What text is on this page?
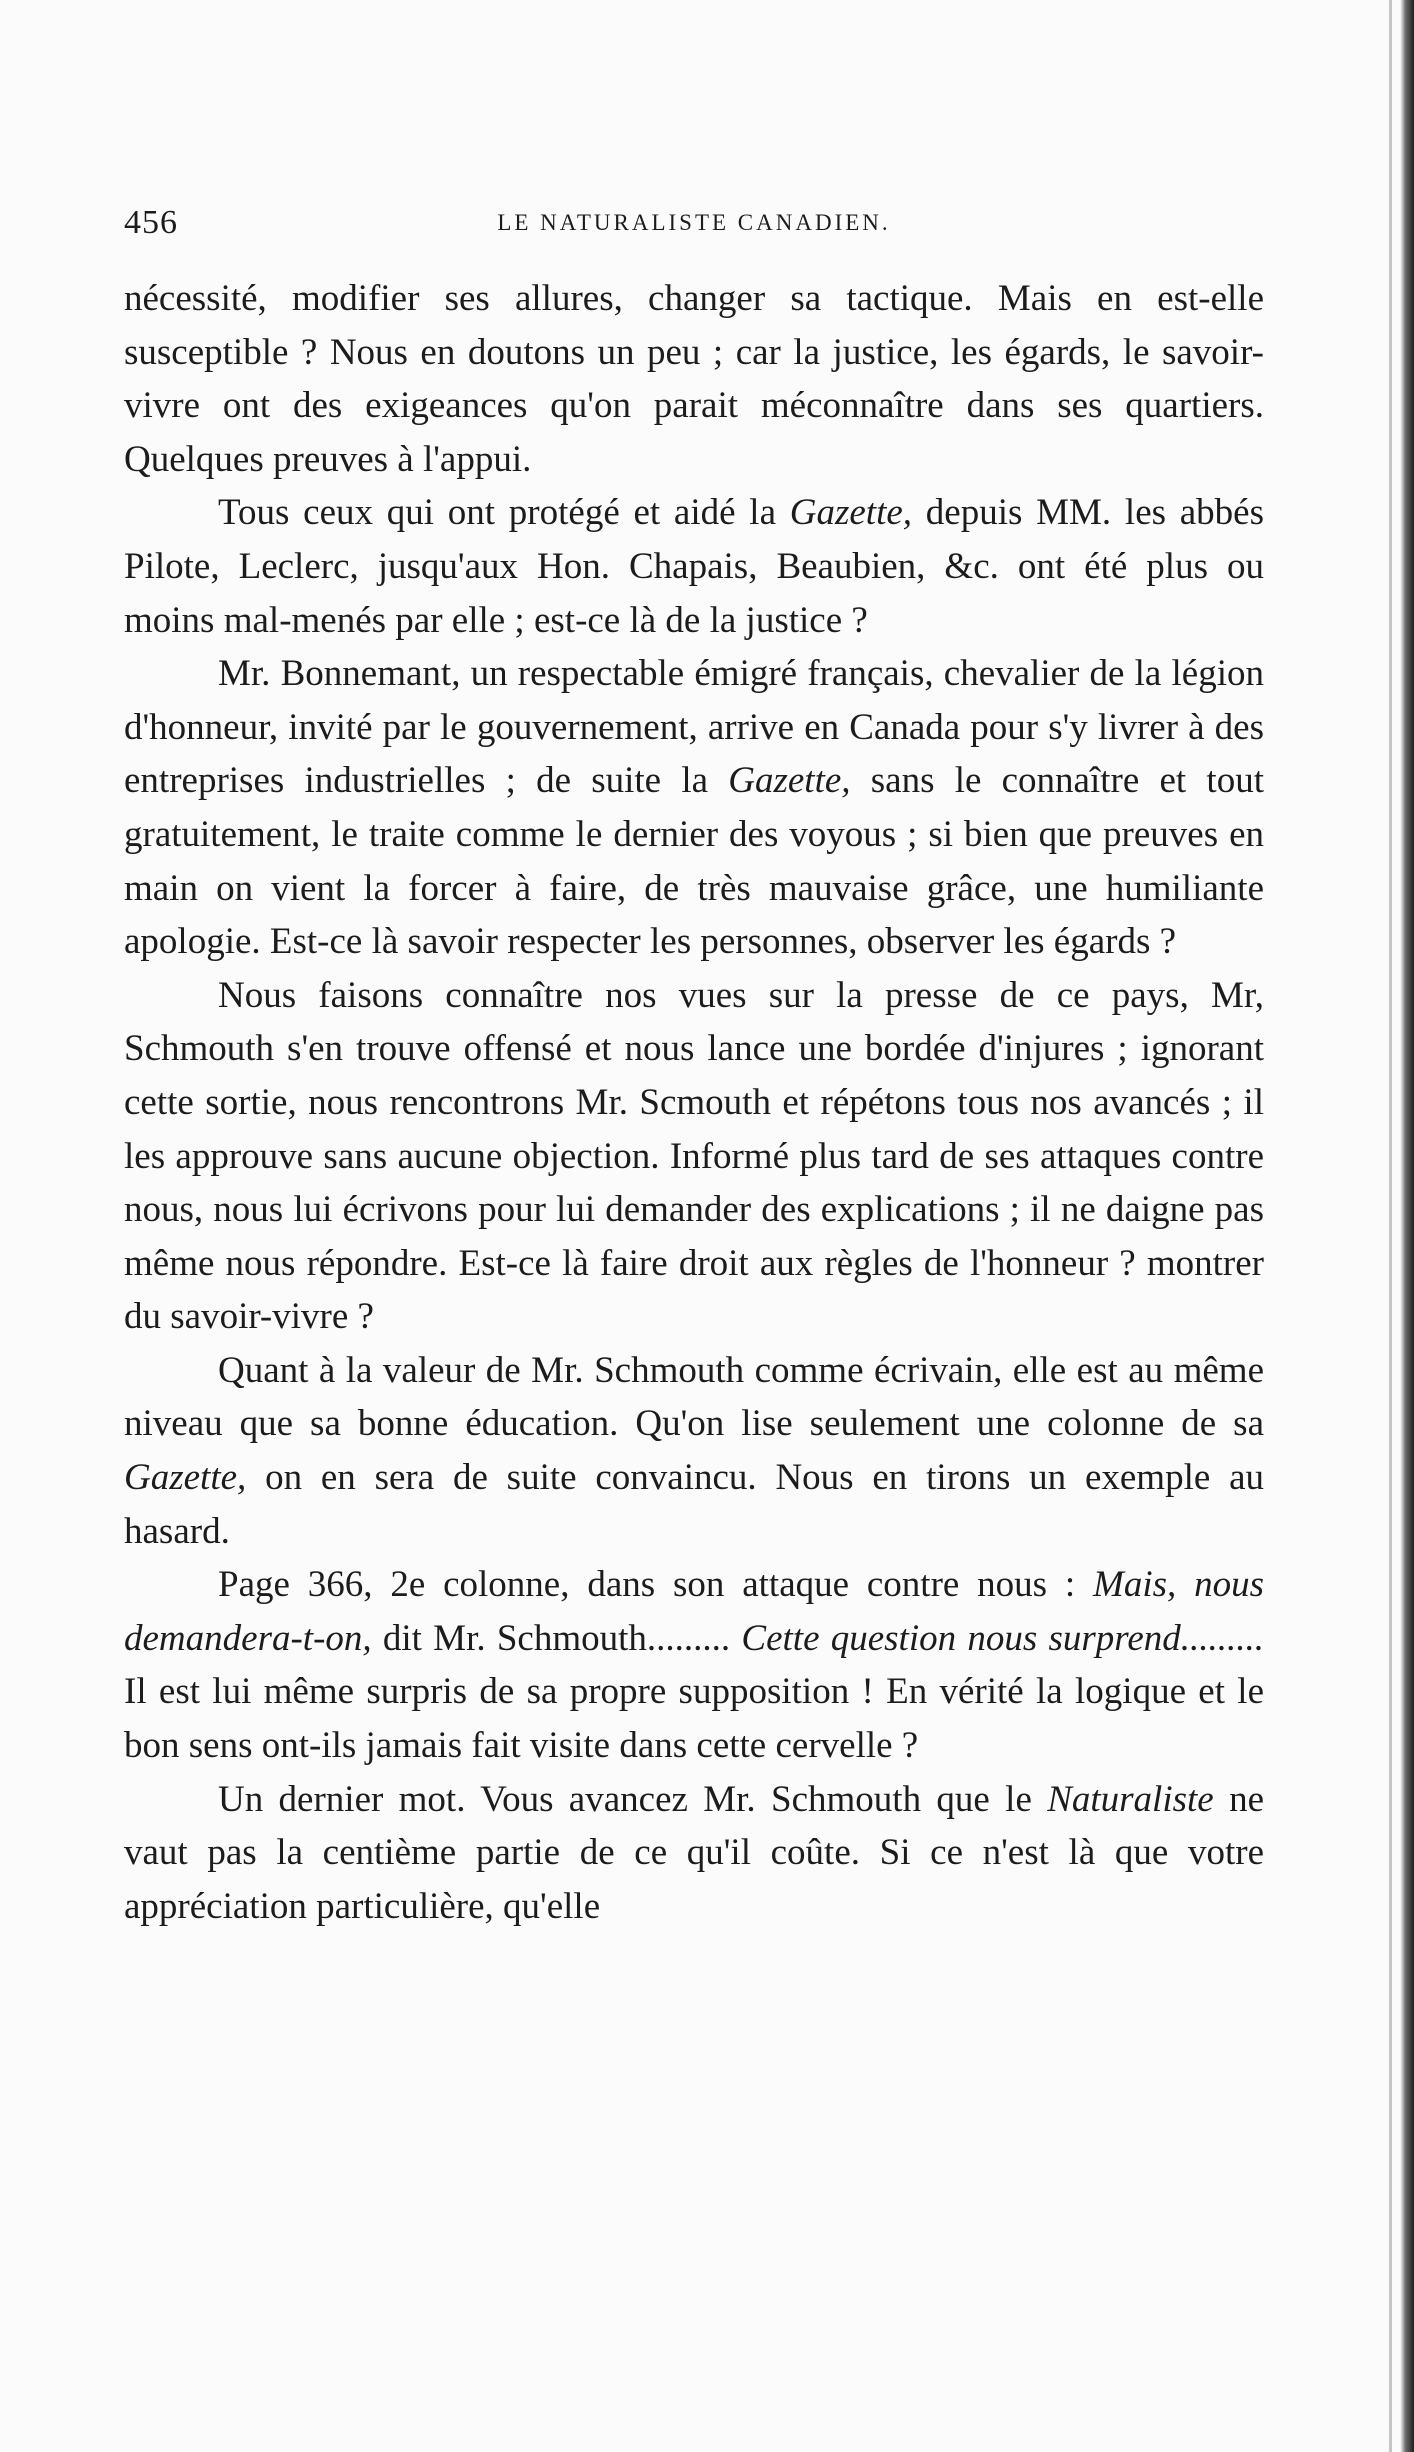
456	LE NATURALISTE CANADIEN.

nécessité, modifier ses allures, changer sa tactique. Mais en est-elle susceptible ? Nous en doutons un peu ; car la justice, les égards, le savoir-vivre ont des exigeances qu'on parait méconnaître dans ses quartiers. Quelques preuves à l'appui.

Tous ceux qui ont protégé et aidé la Gazette, depuis MM. les abbés Pilote, Leclerc, jusqu'aux Hon. Chapais, Beaubien, &c. ont été plus ou moins mal-menés par elle ; est-ce là de la justice ?

Mr. Bonnemant, un respectable émigré français, chevalier de la légion d'honneur, invité par le gouvernement, arrive en Canada pour s'y livrer à des entreprises industrielles ; de suite la Gazette, sans le connaître et tout gratuitement, le traite comme le dernier des voyous ; si bien que preuves en main on vient la forcer à faire, de très mauvaise grâce, une humiliante apologie. Est-ce là savoir respecter les personnes, observer les égards ?

Nous faisons connaître nos vues sur la presse de ce pays, Mr, Schmouth s'en trouve offensé et nous lance une bordée d'injures ; ignorant cette sortie, nous rencontrons Mr. Scmouth et répétons tous nos avancés ; il les approuve sans aucune objection. Informé plus tard de ses attaques contre nous, nous lui écrivons pour lui demander des explications ; il ne daigne pas même nous répondre. Est-ce là faire droit aux règles de l'honneur ? montrer du savoir-vivre ?

Quant à la valeur de Mr. Schmouth comme écrivain, elle est au même niveau que sa bonne éducation. Qu'on lise seulement une colonne de sa Gazette, on en sera de suite convaincu. Nous en tirons un exemple au hasard.

Page 366, 2e colonne, dans son attaque contre nous : Mais, nous demandera-t-on, dit Mr. Schmouth......... Cette question nous surprend......... Il est lui même surpris de sa propre supposition ! En vérité la logique et le bon sens ont-ils jamais fait visite dans cette cervelle ?

Un dernier mot. Vous avancez Mr. Schmouth que le Naturaliste ne vaut pas la centième partie de ce qu'il coûte. Si ce n'est là que votre appréciation particulière, qu'elle
